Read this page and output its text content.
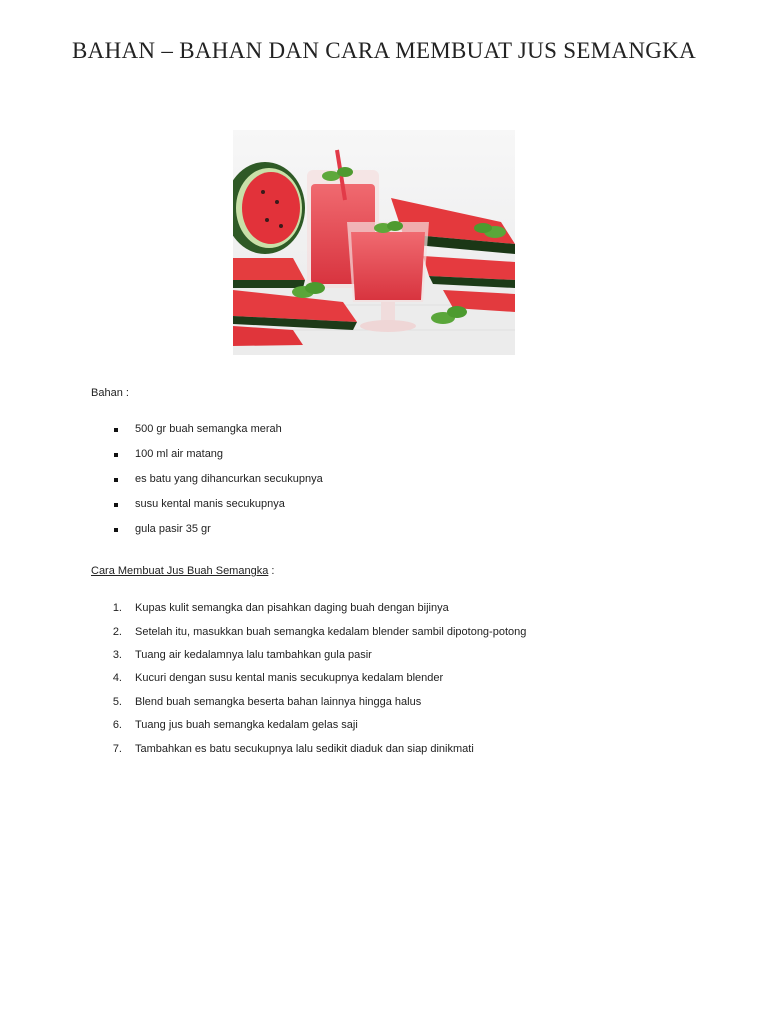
BAHAN – BAHAN DAN CARA MEMBUAT JUS SEMANGKA
Bahan :
500 gr buah semangka merah
100 ml air matang
es batu yang dihancurkan secukupnya
susu kental manis secukupnya
gula pasir 35 gr
Cara Membuat Jus Buah Semangka :
1. Kupas kulit semangka dan pisahkan daging buah dengan bijinya
2. Setelah itu, masukkan buah semangka kedalam blender sambil dipotong-potong
3. Tuang air kedalamnya lalu tambahkan gula pasir
4. Kucuri dengan susu kental manis secukupnya kedalam blender
5. Blend buah semangka beserta bahan lainnya hingga halus
6. Tuang jus buah semangka kedalam gelas saji
7. Tambahkan es batu secukupnya lalu sedikit diaduk dan siap dinikmati
